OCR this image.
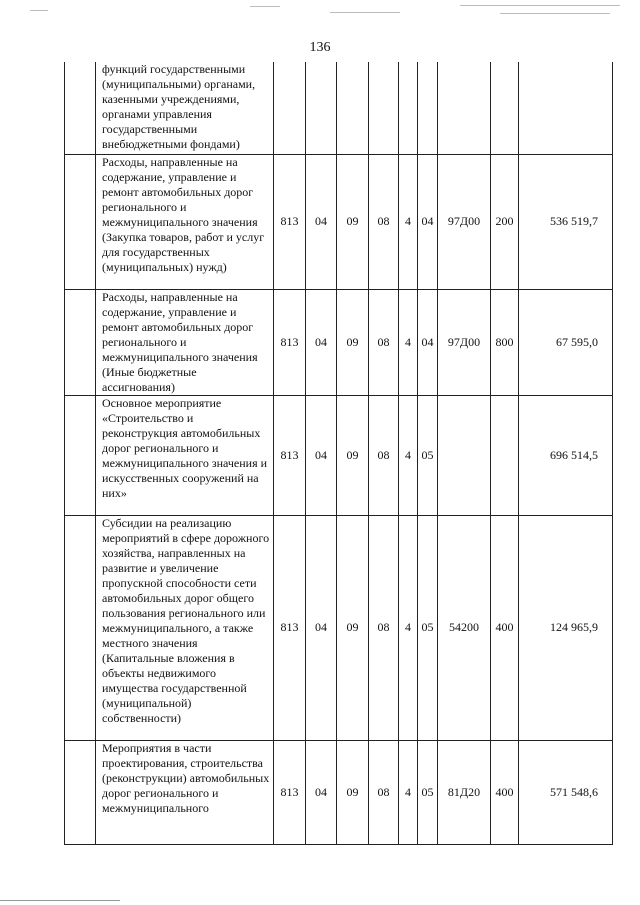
136
	функций государственными (муниципальными) органами, казенными учреждениями, органами управления государственными внебюджетными фондами)									
	Расходы, направленные на содержание, управление и ремонт автомобильных дорог регионального и межмуниципального значения (Закупка товаров, работ и услуг для государственных (муниципальных) нужд)	813	04	09	08	4	04	97Д00	200	536 519,7
	Расходы, направленные на содержание, управление и ремонт автомобильных дорог регионального и межмуниципального значения (Иные бюджетные ассигнования)	813	04	09	08	4	04	97Д00	800	67 595,0
	Основное мероприятие «Строительство и реконструкция автомобильных дорог регионального и межмуниципального значения и искусственных сооружений на них»	813	04	09	08	4	05			696 514,5
	Субсидии на реализацию мероприятий в сфере дорожного хозяйства, направленных на развитие и увеличение пропускной способности сети автомобильных дорог общего пользования регионального или межмуниципального, а также местного значения (Капитальные вложения в объекты недвижимого имущества государственной (муниципальной) собственности)	813	04	09	08	4	05	54200	400	124 965,9
	Мероприятия в части проектирования, строительства (реконструкции) автомобильных дорог регионального и межмуниципального	813	04	09	08	4	05	81Д20	400	571 548,6
